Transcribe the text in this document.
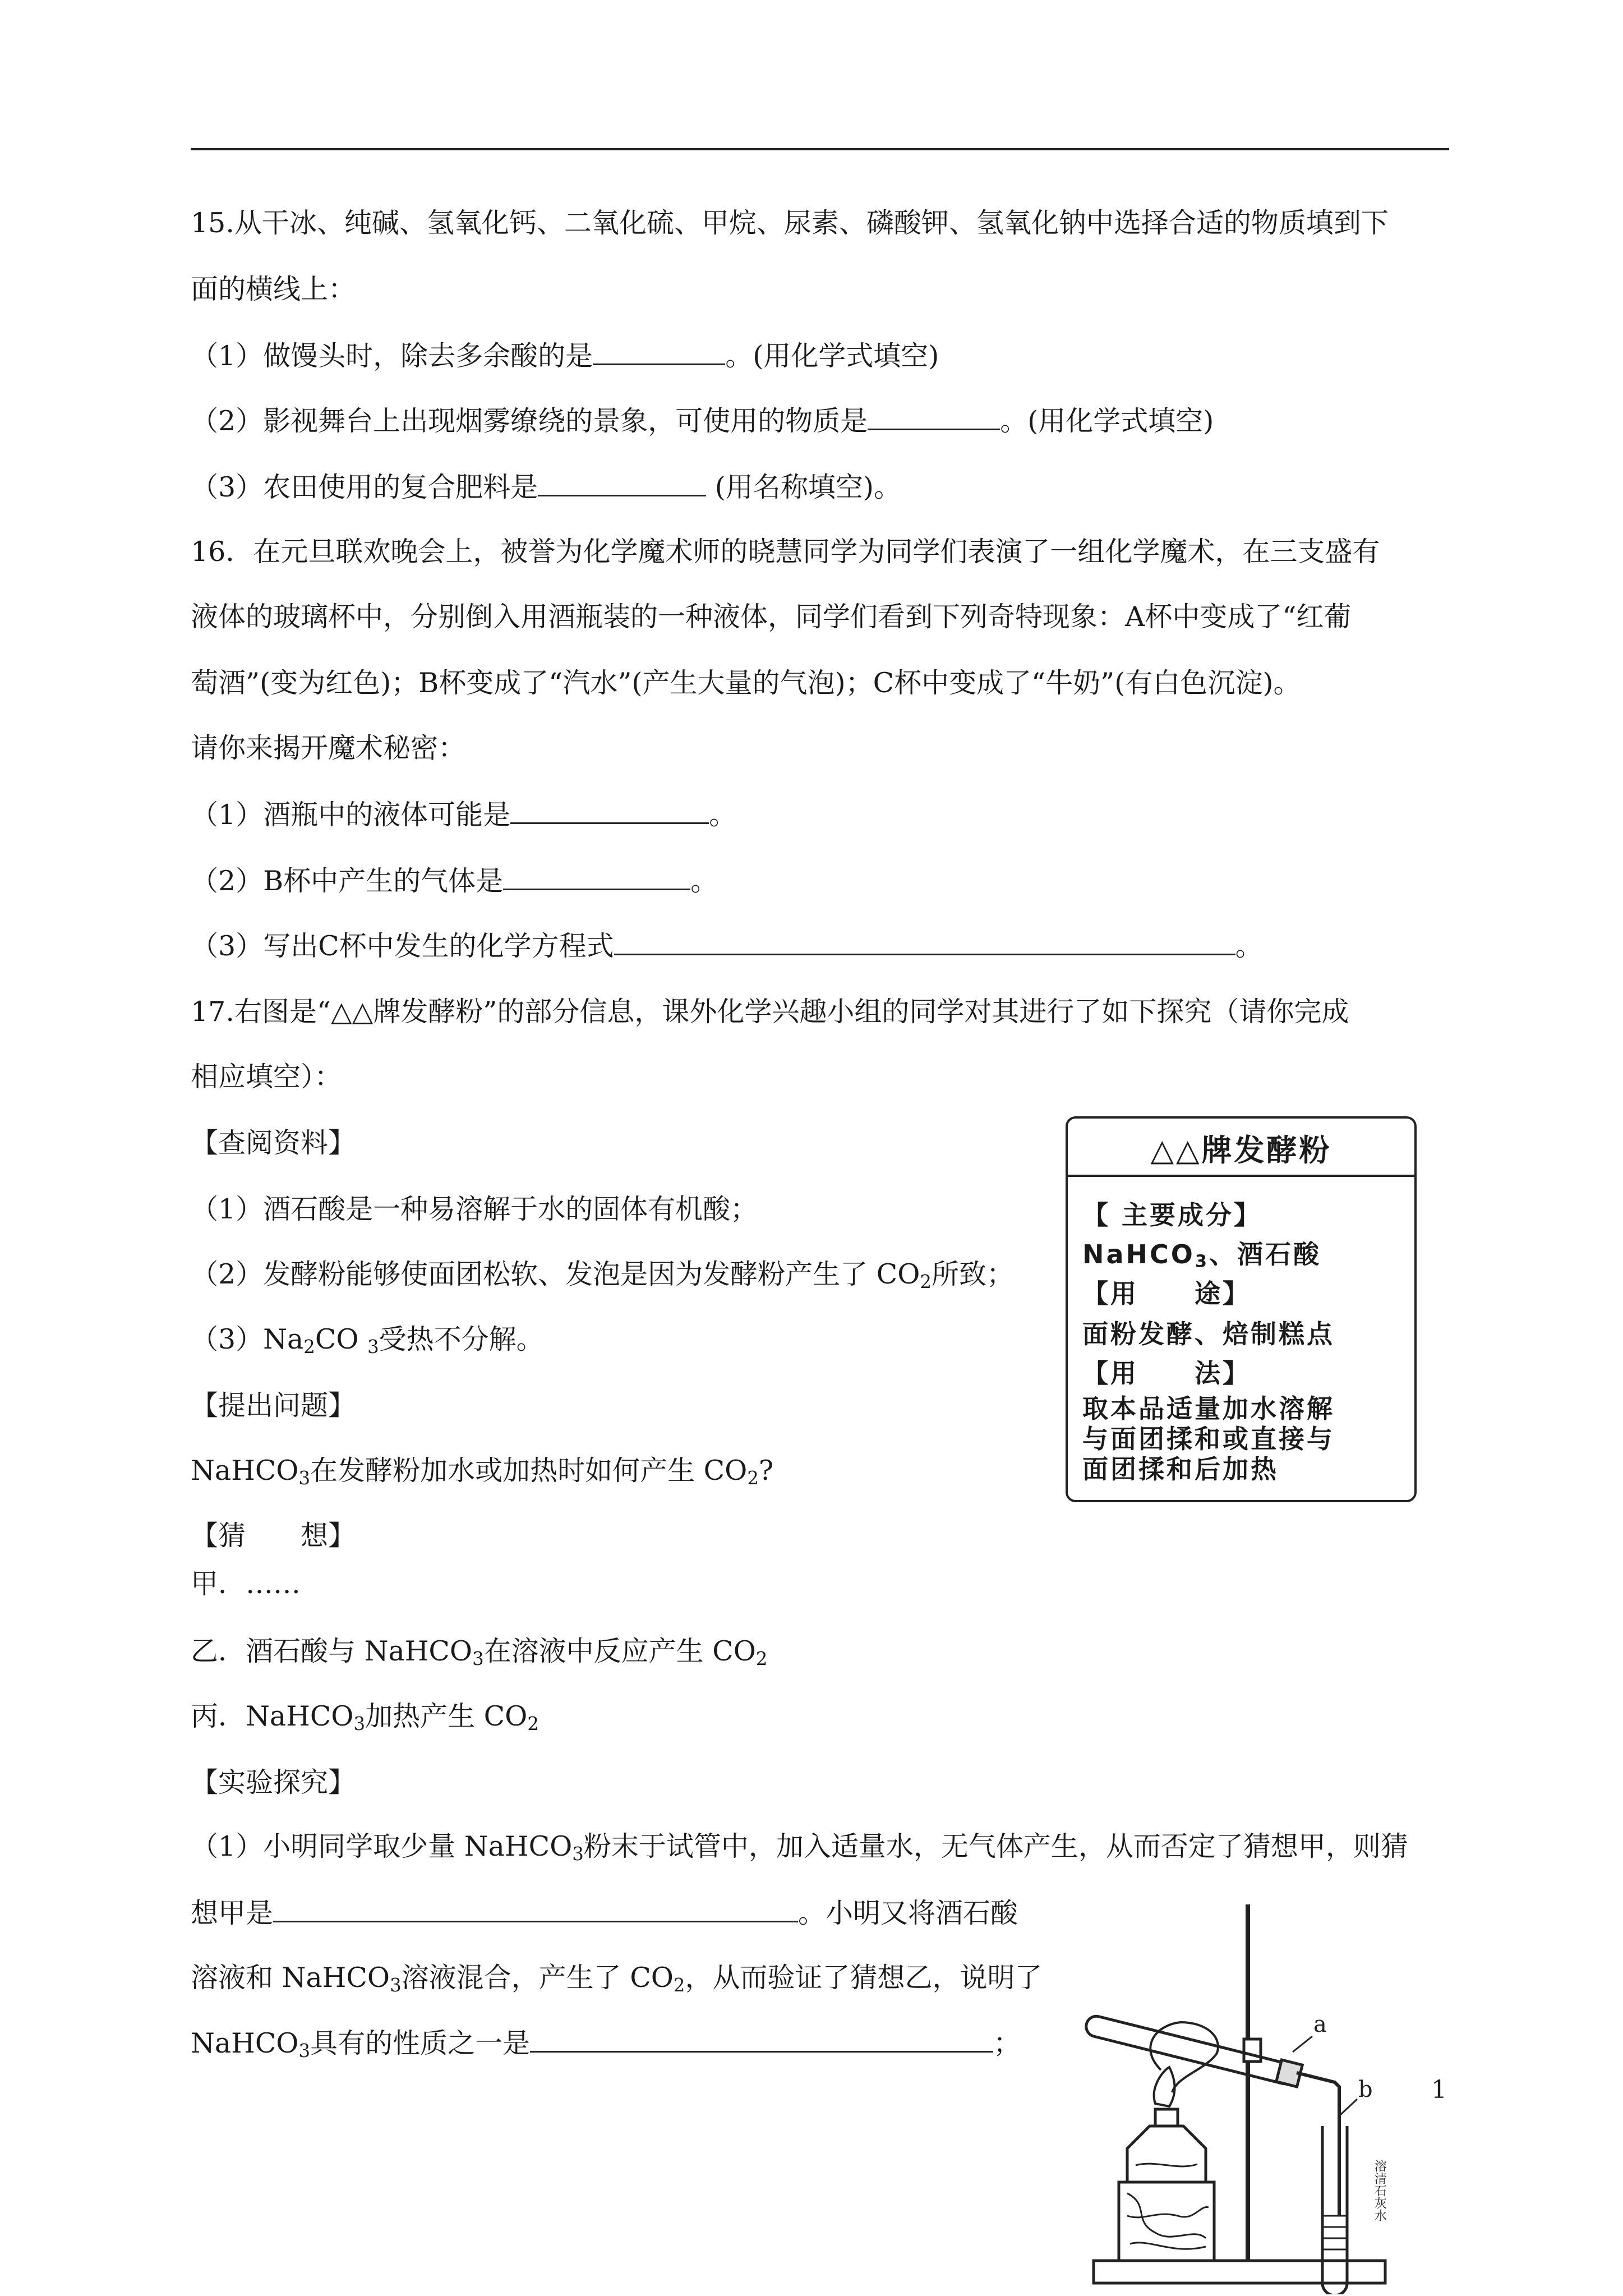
15.从干冰、纯碱、氢氧化钙、二氧化硫、甲烷、尿素、磷酸钾、氢氧化钠中选择合适的物质填到下
面的横线上：
（1）做馒头时，除去多余酸的是	。(用化学式填空)
（2）影视舞台上出现烟雾缭绕的景象，可使用的物质是	。(用化学式填空)
（3）农田使用的复合肥料是	(用名称填空)。
16．在元旦联欢晚会上，被誉为化学魔术师的晓慧同学为同学们表演了一组化学魔术，在三支盛有
液体的玻璃杯中，分别倒入用酒瓶装的一种液体，同学们看到下列奇特现象：A杯中变成了“红葡
萄酒”(变为红色)；B杯变成了“汽水”(产生大量的气泡)；C杯中变成了“牛奶”(有白色沉淀)。
请你来揭开魔术秘密：
（1）酒瓶中的液体可能是	。
（2）B杯中产生的气体是	。
（3）写出C杯中发生的化学方程式	。
17.右图是“△△牌发酵粉”的部分信息，课外化学兴趣小组的同学对其进行了如下探究（请你完成
相应填空）：
【查阅资料】
（1）酒石酸是一种易溶解于水的固体有机酸；
（2）发酵粉能够使面团松软、发泡是因为发酵粉产生了 $CO_2$所致；
$(3)Na_2CO$ $_3$受热不分解。
【提出问题】
NaHCO$_3$在发酵粉加水或加热时如何产生 $CO_2$?
【猜　　想】
甲．……
乙．酒石酸与 NaHCO$_3$在溶液中反应产生 $CO_2$
丙．NaHCO$_3$加热产生 $CO_2$
【实验探究】
（1）小明同学取少量 NaHCO$_3$粉末于试管中，加入适量水，无气体产生，从而否定了猜想甲，则猜
想甲是	。小明又将酒石酸
溶液和 NaHCO$_3$溶液混合，产生了 $CO_2$，从而验证了猜想乙，说明了
NaHCO$_3$具有的性质之一是	；
△△牌发酵粉
【 主要成分】
NaHCO3、酒石酸
【用　　途】
面粉发酵、焙制糕点
【用　　法】
取本品适量加水溶解
与面团揉和或直接与
面团揉和后加热
a
b
溶清石灰水
1
